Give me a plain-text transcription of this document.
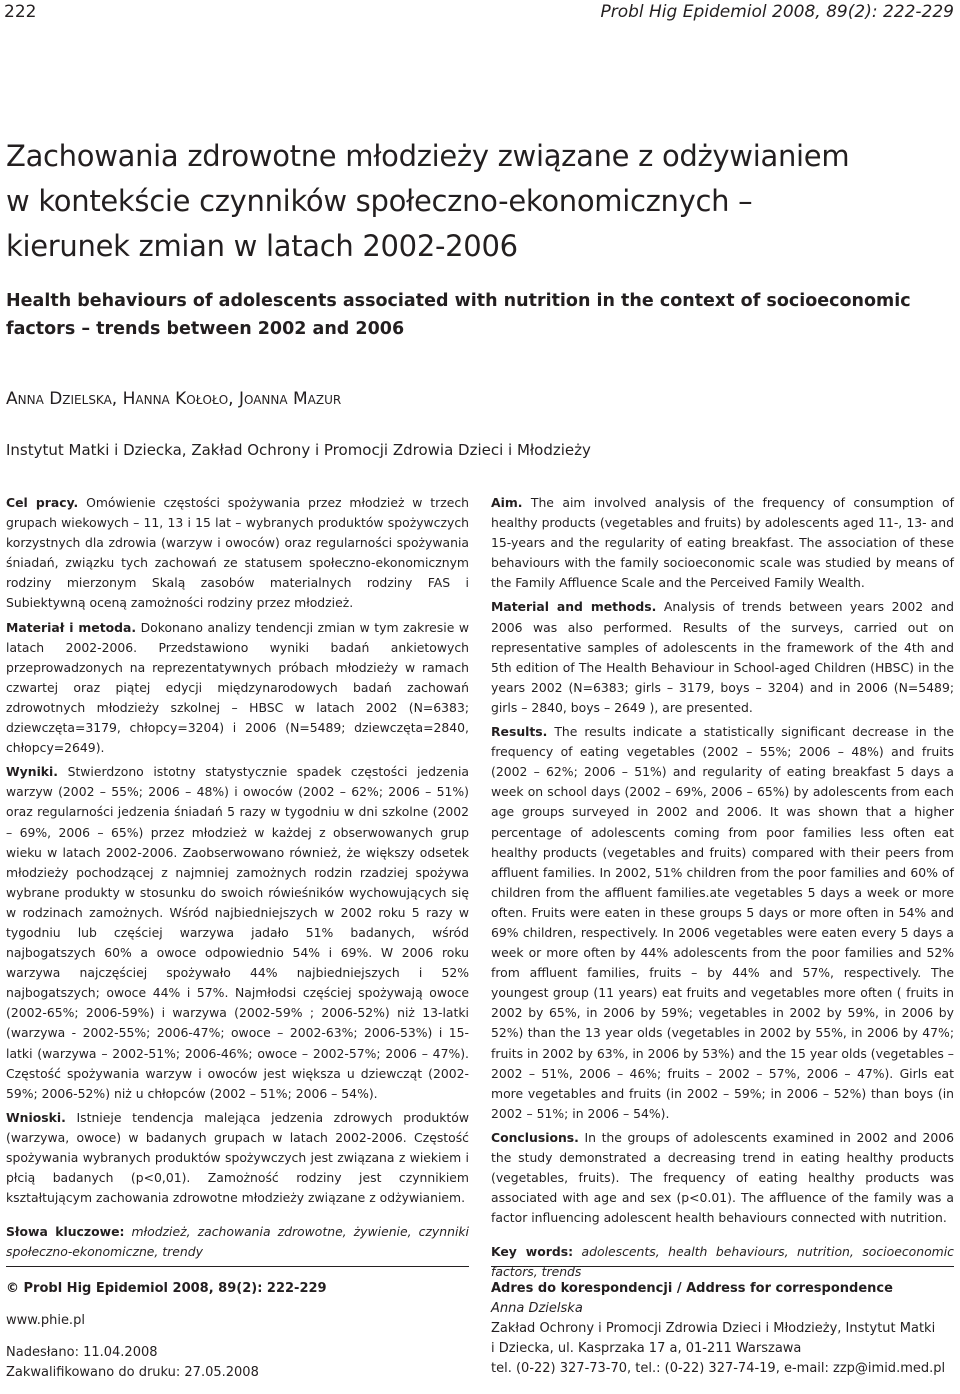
222	Probl Hig Epidemiol 2008, 89(2): 222-229
Zachowania zdrowotne młodzieży związane z odżywianiem
w kontekście czynników społeczno-ekonomicznych –
kierunek zmian w latach 2002-2006
Health behaviours of adolescents associated with nutrition in the context of socioeconomic
factors – trends between 2002 and 2006
Anna Dzielska, Hanna Kołoło, Joanna Mazur
Instytut Matki i Dziecka, Zakład Ochrony i Promocji Zdrowia Dzieci i Młodzieży

Cel pracy. Omówienie częstości spożywania przez młodzież w trzech grupach wiekowych – 11, 13 i 15 lat – wybranych produktów spożywczych korzystnych dla zdrowia (warzyw i owoców) oraz regularności spożywania śniadań, związku tych zachowań ze statusem społeczno-ekonomicznym rodziny mierzonym Skalą zasobów materialnych rodziny FAS i Subiektywną oceną zamożności rodziny przez młodzież.

Materiał i metoda. Dokonano analizy tendencji zmian w tym zakresie w latach 2002-2006. Przedstawiono wyniki badań ankietowych przeprowadzonych na reprezentatywnych próbach młodzieży w ramach czwartej oraz piątej edycji międzynarodowych badań zachowań zdrowotnych młodzieży szkolnej – HBSC w latach 2002 (N=6383; dziewczęta=3179, chłopcy=3204) i 2006 (N=5489; dziewczęta=2840, chłopcy=2649).

Wyniki. Stwierdzono istotny statystycznie spadek częstości jedzenia warzyw (2002 – 55%; 2006 – 48%) i owoców (2002 – 62%; 2006 – 51%) oraz regularności jedzenia śniadań 5 razy w tygodniu w dni szkolne (2002 – 69%, 2006 – 65%) przez młodzież w każdej z obserwowanych grup wieku w latach 2002-2006. Zaobserwowano również, że większy odsetek młodzieży pochodzącej z najmniej zamożnych rodzin rzadziej spożywa wybrane produkty w stosunku do swoich rówieśników wychowujących się w rodzinach zamożnych. Wśród najbiedniejszych w 2002 roku 5 razy w tygodniu lub częściej warzywa jadało 51% badanych, wśród najbogatszych 60% a owoce odpowiednio 54% i 69%. W 2006 roku warzywa najczęściej spożywało 44% najbiedniejszych i 52% najbogatszych; owoce 44% i 57%. Najmłodsi częściej spożywają owoce (2002-65%; 2006-59%) i warzywa (2002-59% ; 2006-52%) niż 13-latki (warzywa - 2002-55%; 2006-47%; owoce – 2002-63%; 2006-53%) i 15-latki (warzywa – 2002-51%; 2006-46%; owoce – 2002-57%; 2006 – 47%). Częstość spożywania warzyw i owoców jest większa u dziewcząt (2002-59%; 2006-52%) niż u chłopców (2002 – 51%; 2006 – 54%).

Wnioski. Istnieje tendencja malejąca jedzenia zdrowych produktów (warzywa, owoce) w badanych grupach w latach 2002-2006. Częstość spożywania wybranych produktów spożywczych jest związana z wiekiem i płcią badanych (p<0,01). Zamożność rodziny jest czynnikiem kształtującym zachowania zdrowotne młodzieży związane z odżywianiem.

Słowa kluczowe: młodzież, zachowania zdrowotne, żywienie, czynniki społeczno-ekonomiczne, trendy

Aim. The aim involved analysis of the frequency of consumption of healthy products (vegetables and fruits) by adolescents aged 11-, 13- and 15-years and the regularity of eating breakfast. The association of these behaviours with the family socioeconomic scale was studied by means of the Family Affluence Scale and the Perceived Family Wealth.

Material and methods. Analysis of trends between years 2002 and 2006 was also performed. Results of the surveys, carried out on representative samples of adolescents in the framework of the 4th and 5th edition of The Health Behaviour in School-aged Children (HBSC) in the years 2002 (N=6383; girls – 3179, boys – 3204) and in 2006 (N=5489; girls – 2840, boys – 2649 ), are presented.

Results. The results indicate a statistically significant decrease in the frequency of eating vegetables (2002 – 55%; 2006 – 48%) and fruits (2002 – 62%; 2006 – 51%) and regularity of eating breakfast 5 days a week on school days (2002 – 69%, 2006 – 65%) by adolescents from each age groups surveyed in 2002 and 2006. It was shown that a higher percentage of adolescents coming from poor families less often eat healthy products (vegetables and fruits) compared with their peers from affluent families. In 2002, 51% children from the poor families and 60% of children from the affluent families.ate vegetables 5 days a week or more often. Fruits were eaten in these groups 5 days or more often in 54% and 69% children, respectively. In 2006 vegetables were eaten every 5 days a week or more often by 44% adolescents from the poor families and 52% from affluent families, fruits – by 44% and 57%, respectively. The youngest group (11 years) eat fruits and vegetables more often ( fruits in 2002 by 65%, in 2006 by 59%; vegetables in 2002 by 59%, in 2006 by 52%) than the 13 year olds (vegetables in 2002 by 55%, in 2006 by 47%; fruits in 2002 by 63%, in 2006 by 53%) and the 15 year olds (vegetables – 2002 – 51%, 2006 – 46%; fruits – 2002 – 57%, 2006 – 47%). Girls eat more vegetables and fruits (in 2002 – 59%; in 2006 – 52%) than boys (in 2002 – 51%; in 2006 – 54%).

Conclusions. In the groups of adolescents examined in 2002 and 2006 the study demonstrated a decreasing trend in eating healthy products (vegetables, fruits). The frequency of eating healthy products was associated with age and sex (p<0.01). The affluence of the family was a factor influencing adolescent health behaviours connected with nutrition.

Key words: adolescents, health behaviours, nutrition, socioeconomic factors, trends

© Probl Hig Epidemiol 2008, 89(2): 222-229
www.phie.pl
Nadesłano: 11.04.2008
Zakwalifikowano do druku: 27.05.2008
Adres do korespondencji / Address for correspondence
Anna Dzielska
Zakład Ochrony i Promocji Zdrowia Dzieci i Młodzieży, Instytut Matki
i Dziecka, ul. Kasprzaka 17 a, 01-211 Warszawa
tel. (0-22) 327-73-70, tel.: (0-22) 327-74-19, e-mail: zzp@imid.med.pl
